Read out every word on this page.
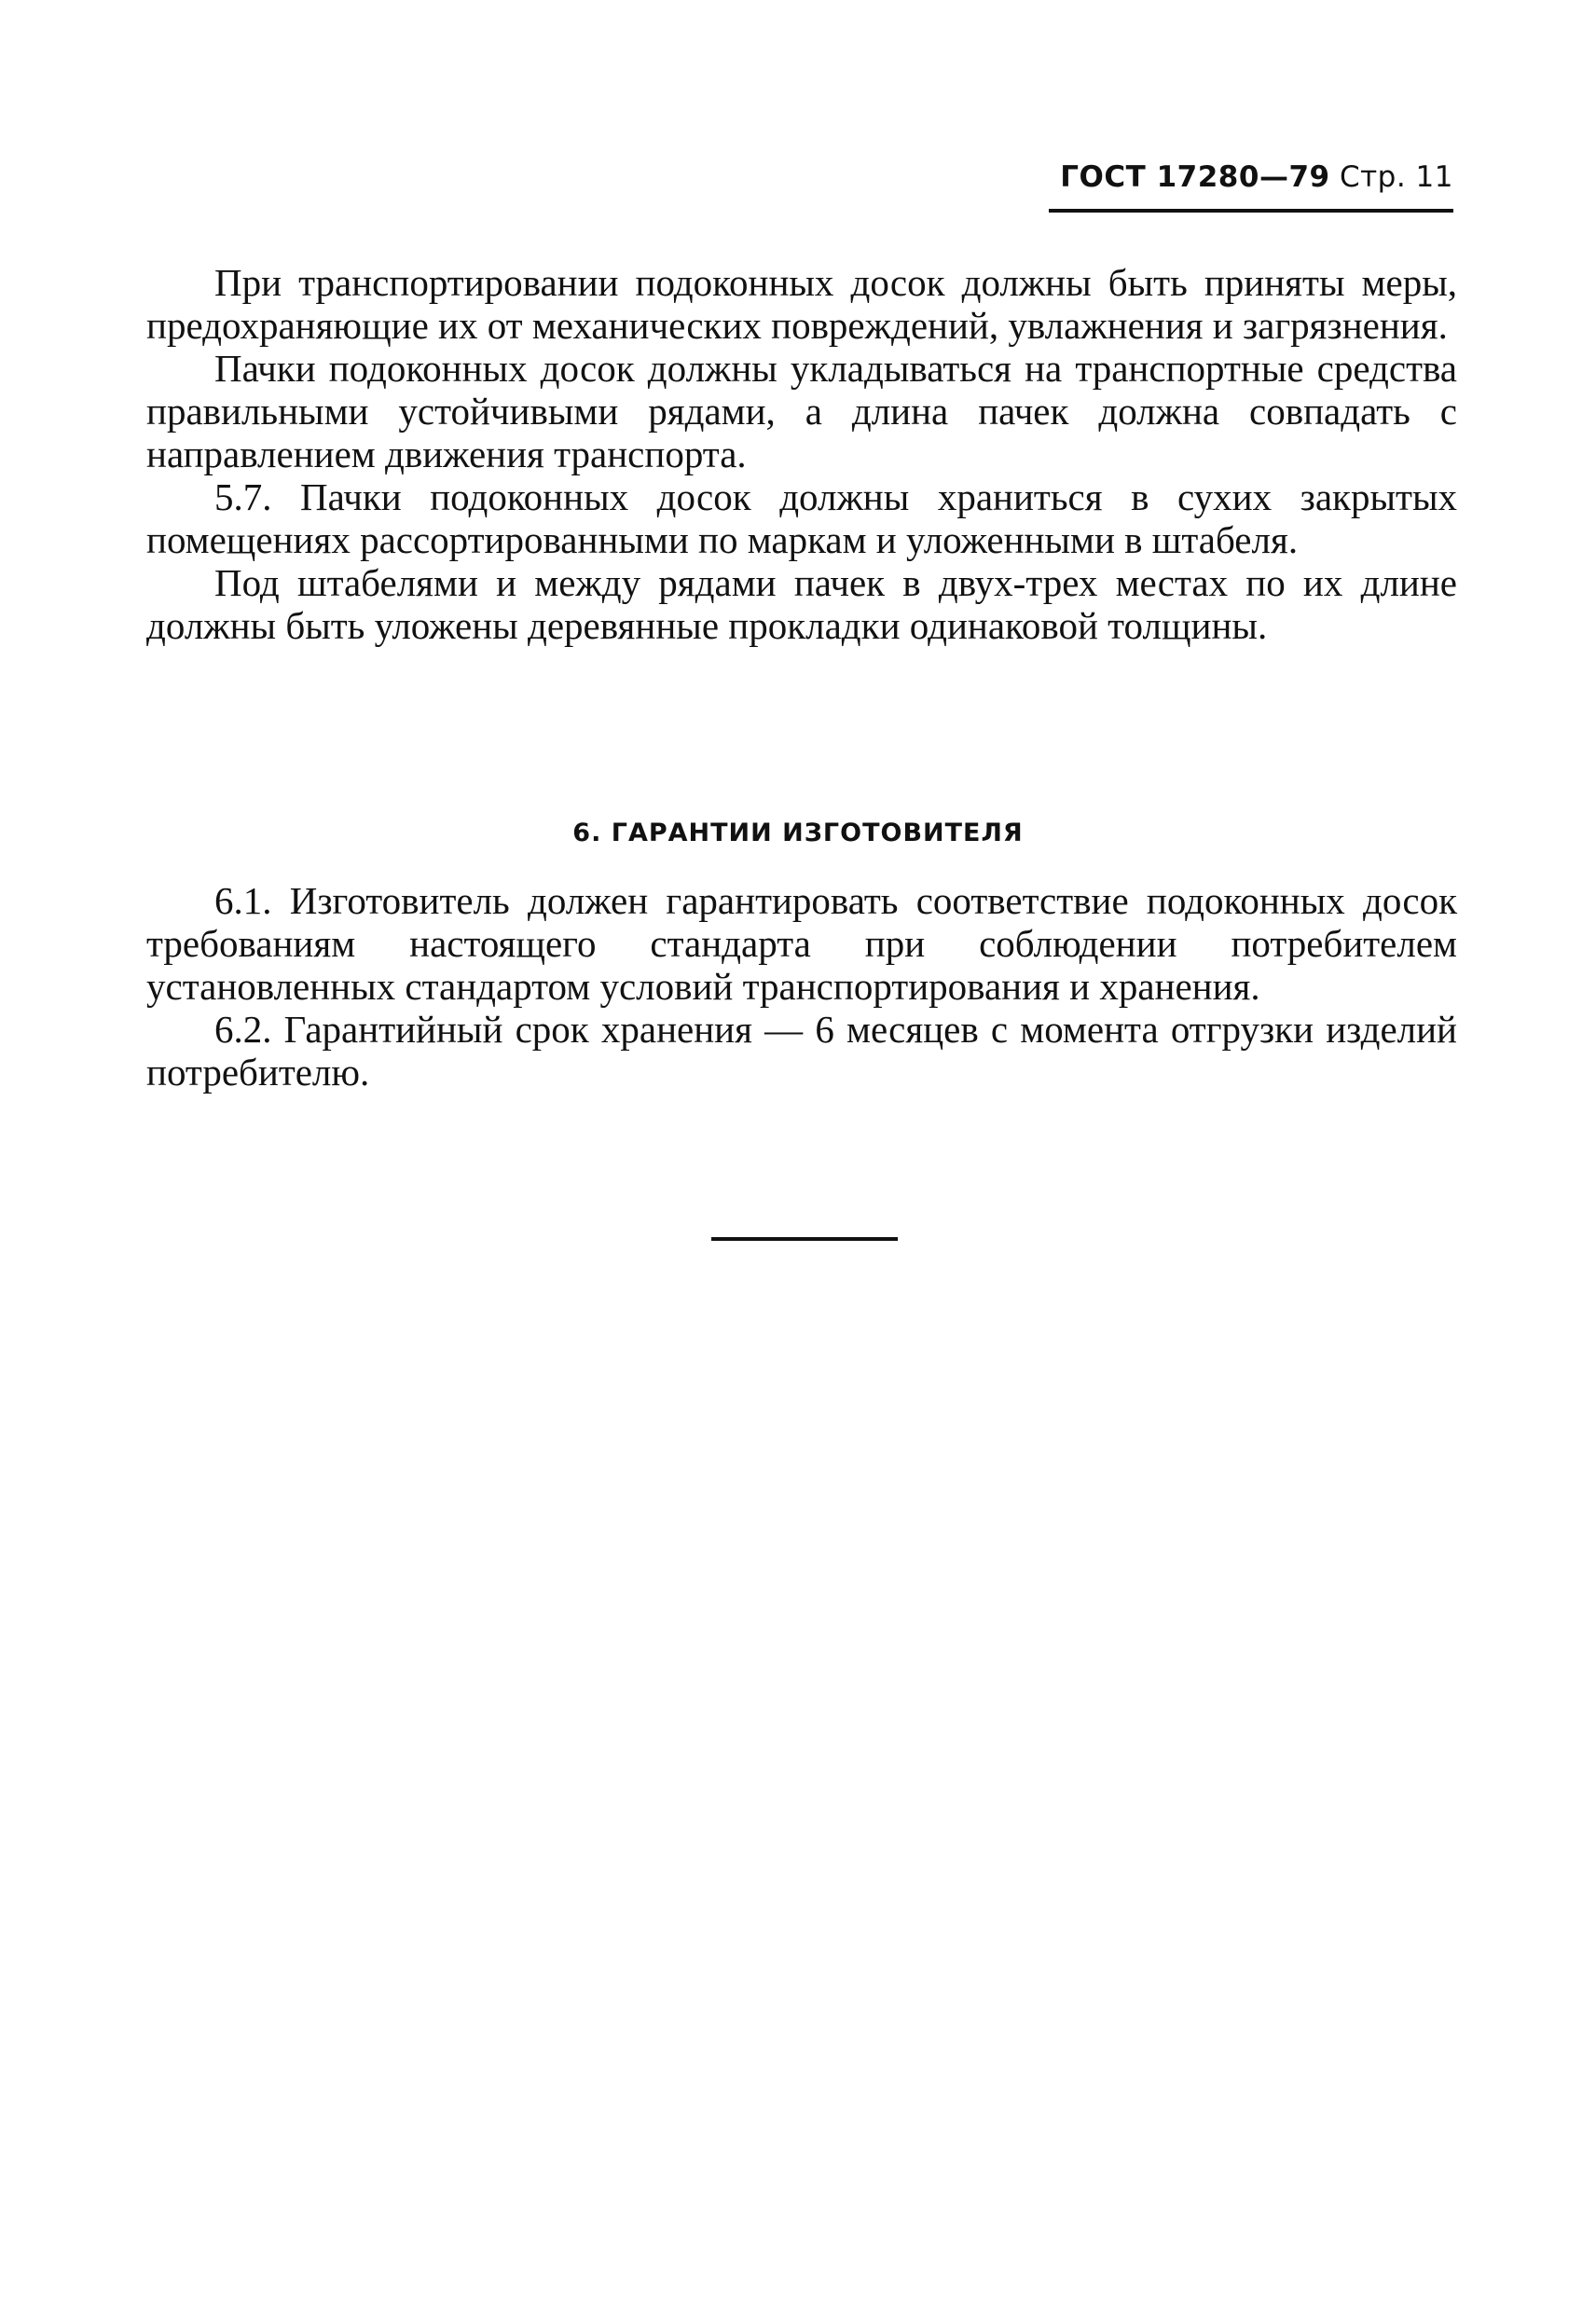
ГОСТ 17280—79 Стр. 11

При транспортировании подоконных досок должны быть приняты меры, предохраняющие их от механических повреждений, увлажнения и загрязнения.

Пачки подоконных досок должны укладываться на транспортные средства правильными устойчивыми рядами, а длина пачек должна совпадать с направлением движения транспорта.

5.7. Пачки подоконных досок должны храниться в сухих закрытых помещениях рассортированными по маркам и уложенными в штабеля.

Под штабелями и между рядами пачек в двух-трех местах по их длине должны быть уложены деревянные прокладки одинаковой толщины.

6. ГАРАНТИИ ИЗГОТОВИТЕЛЯ

6.1. Изготовитель должен гарантировать соответствие подоконных досок требованиям настоящего стандарта при соблюдении потребителем установленных стандартом условий транспортирования и хранения.

6.2. Гарантийный срок хранения — 6 месяцев с момента отгрузки изделий потребителю.
